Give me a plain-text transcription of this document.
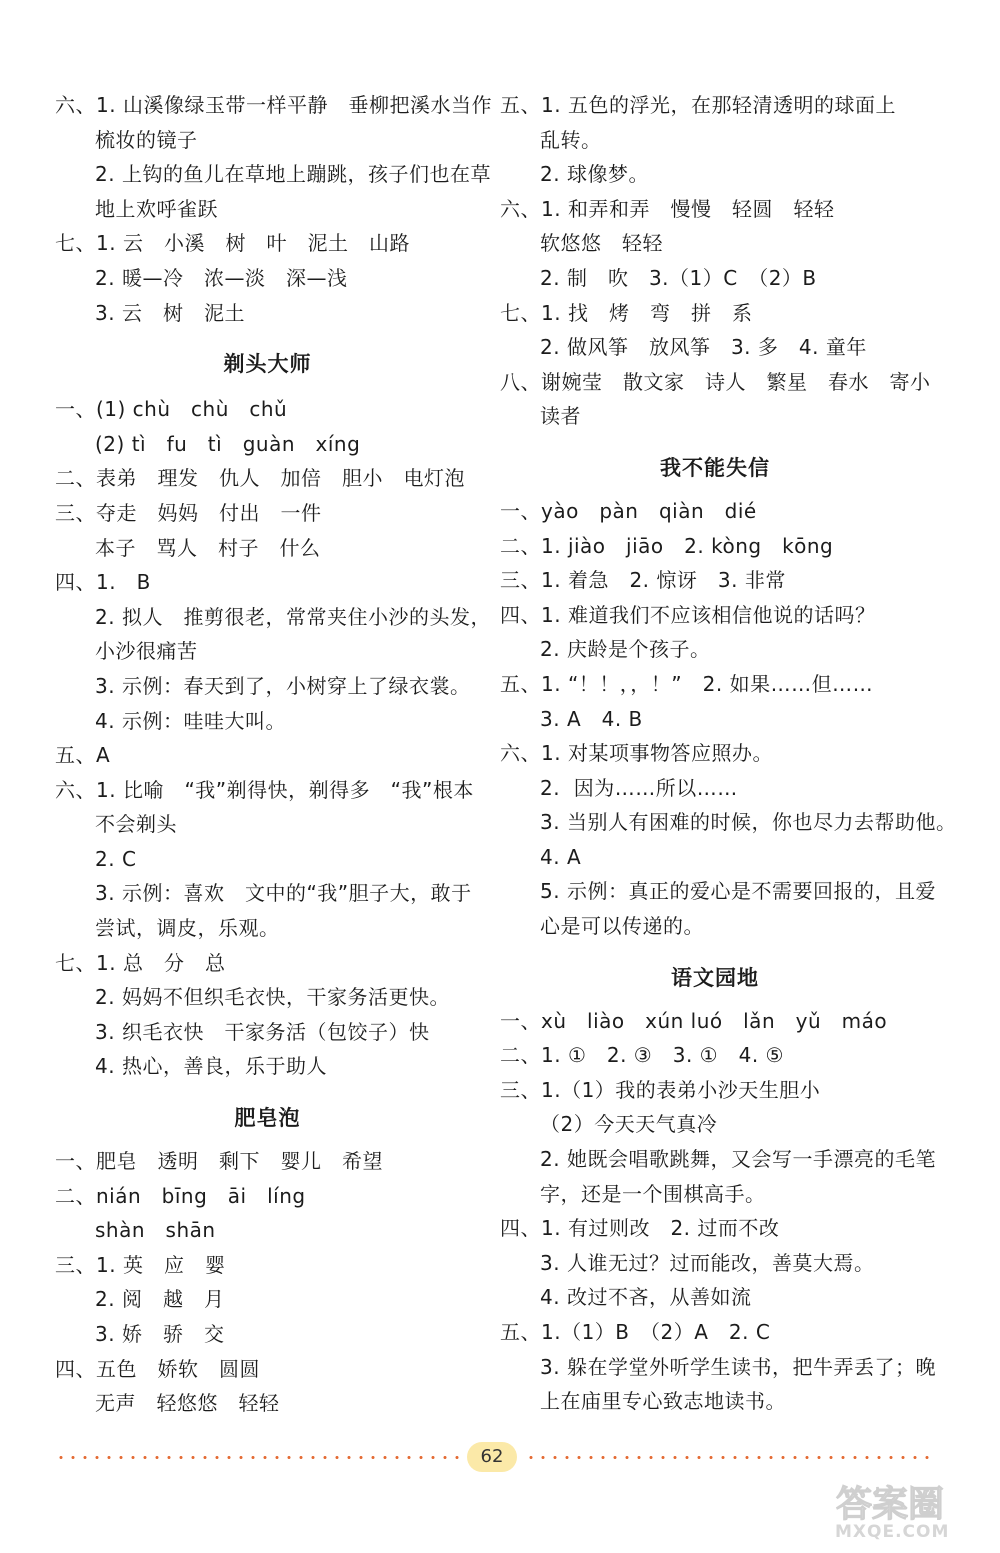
六、1. 山溪像绿玉带一样平静　垂柳把溪水当作
梳妆的镜子
2. 上钩的鱼儿在草地上蹦跳，孩子们也在草
地上欢呼雀跃
七、1. 云　小溪　树　叶　泥土　山路
2. 暖—冷　浓—淡　深—浅
3. 云　树　泥土
剃头大师
一、(1) chù　chù　chǔ
(2) tì　fu　tì　guàn　xíng
二、表弟　理发　仇人　加倍　胆小　电灯泡
三、夺走　妈妈　付出　一件
本子　骂人　村子　什么
四、1.　B
2. 拟人　推剪很老，常常夹住小沙的头发，
小沙很痛苦
3. 示例：春天到了，小树穿上了绿衣裳。
4. 示例：哇哇大叫。
五、A
六、1. 比喻　“我”剃得快，剃得多　“我”根本
不会剃头
2. C
3. 示例：喜欢　文中的“我”胆子大，敢于
尝试，调皮，乐观。
七、1. 总　分　总
2. 妈妈不但织毛衣快，干家务活更快。
3. 织毛衣快　干家务活（包饺子）快
4. 热心，善良，乐于助人
肥皂泡
一、肥皂　透明　剩下　婴儿　希望
二、nián　bīng　āi　líng
shàn　shān
三、1. 英　应　婴
2. 阅　越　月
3. 娇　骄　交
四、五色　娇软　圆圆
无声　轻悠悠　轻轻
五、1. 五色的浮光，在那轻清透明的球面上
乱转。
2. 球像梦。
六、1. 和弄和弄　慢慢　轻圆　轻轻
软悠悠　轻轻
2. 制　吹　3.（1）C　（2）B
七、1. 找　烤　弯　拼　系
2. 做风筝　放风筝　3. 多　4. 童年
八、谢婉莹　散文家　诗人　繁星　春水　寄小
读者
我不能失信
一、yào　pàn　qiàn　dié
二、1. jiào　jiāo　2. kòng　kōng
三、1. 着急　2. 惊讶　3. 非常
四、1. 难道我们不应该相信他说的话吗？
2. 庆龄是个孩子。
五、1. “！！，，！”　2. 如果……但……
3. A　4. B
六、1. 对某项事物答应照办。
2.  因为……所以……
3. 当别人有困难的时候，你也尽力去帮助他。
4. A
5. 示例：真正的爱心是不需要回报的，且爱
心是可以传递的。
语文园地
一、xù　liào　xún luó　lǎn　yǔ　máo
二、1. ①　2. ③　3. ①　4. ⑤
三、1.（1）我的表弟小沙天生胆小
（2）今天天气真冷
2. 她既会唱歌跳舞，又会写一手漂亮的毛笔
字，还是一个围棋高手。
四、1. 有过则改　2. 过而不改
3. 人谁无过？过而能改，善莫大焉。
4. 改过不吝，从善如流
五、1.（1）B　（2）A　2. C
3. 躲在学堂外听学生读书，把牛弄丢了；晚
上在庙里专心致志地读书。
62
答案圈
MXQE.COM
